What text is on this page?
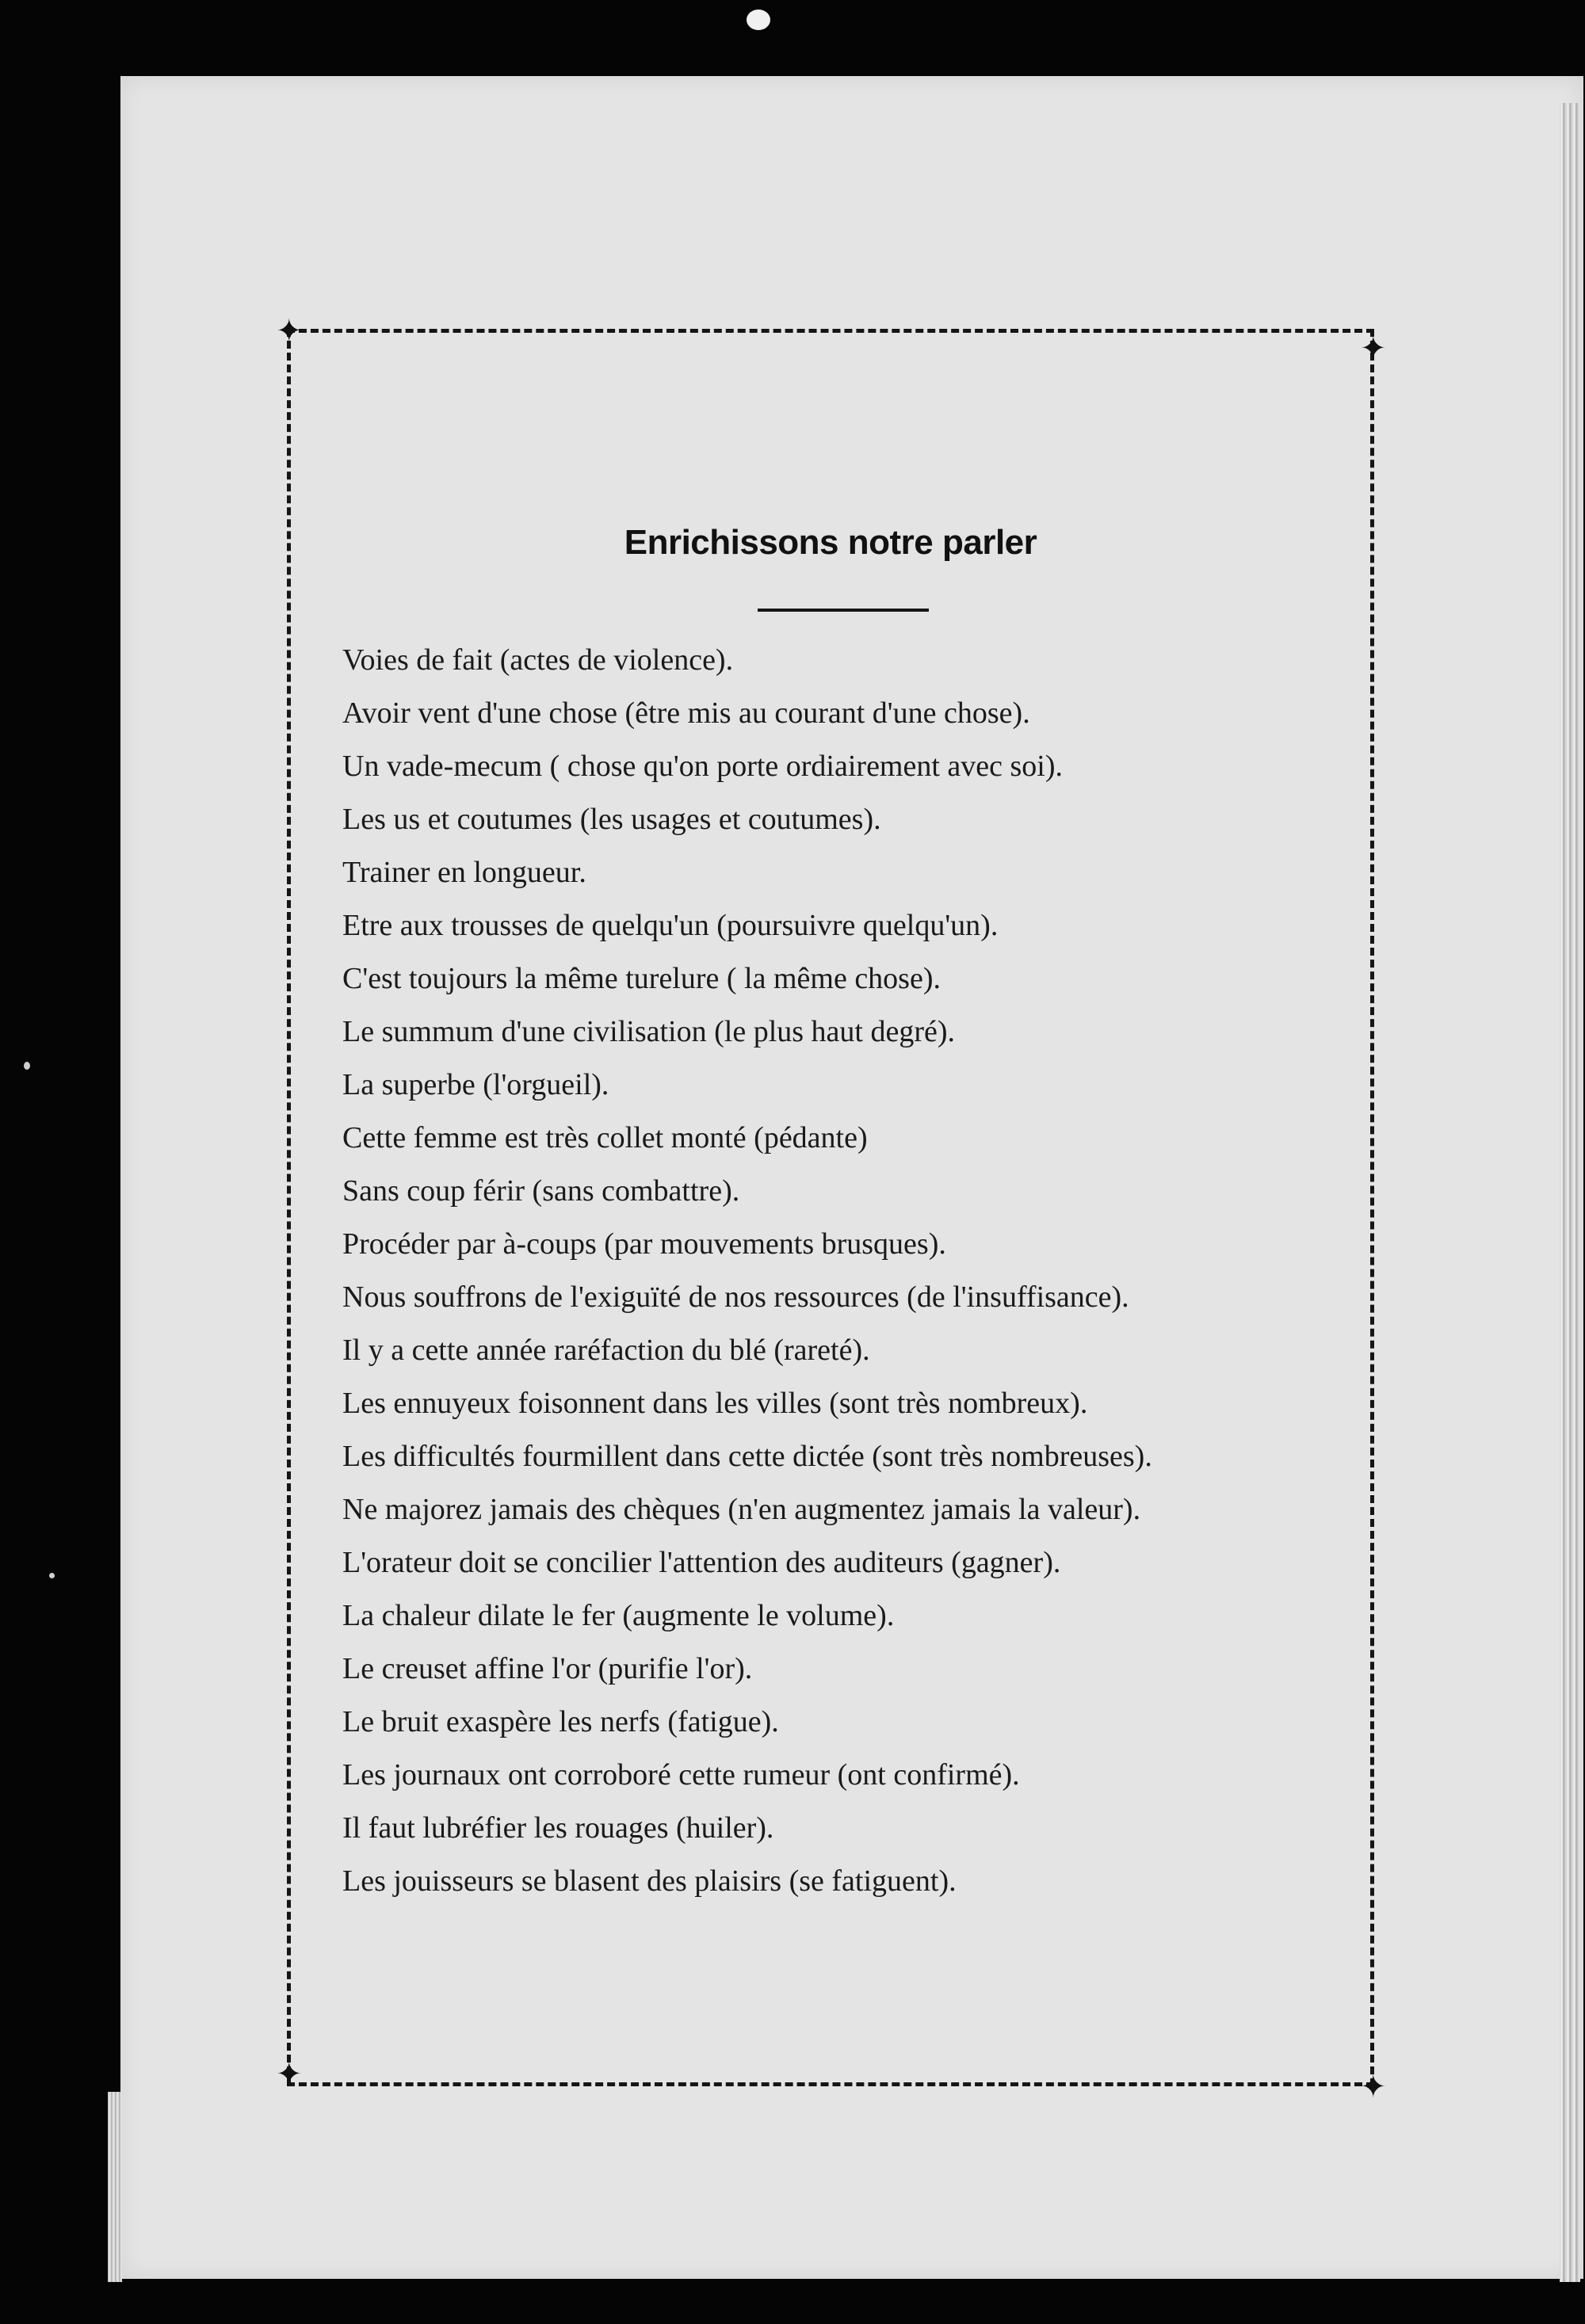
✦	✦
✦	✦
Enrichissons notre parler
Voies de fait (actes de violence).
Avoir vent d'une chose (être mis au courant d'une chose).
Un vade-mecum ( chose qu'on porte ordiairement avec soi).
Les us et coutumes (les usages et coutumes).
Trainer en longueur.
Etre aux trousses de quelqu'un (poursuivre quelqu'un).
C'est toujours la même turelure ( la même chose).
Le summum d'une civilisation (le plus haut degré).
La superbe (l'orgueil).
Cette femme est très collet monté (pédante)
Sans coup férir (sans combattre).
Procéder par à-coups (par mouvements brusques).
Nous souffrons de l'exiguïté de nos ressources (de l'insuffisance).
Il y a cette année raréfaction du blé (rareté).
Les ennuyeux foisonnent dans les villes (sont très nombreux).
Les difficultés fourmillent dans cette dictée (sont très nombreuses).
Ne majorez jamais des chèques (n'en augmentez jamais la valeur).
L'orateur doit se concilier l'attention des auditeurs (gagner).
La chaleur dilate le fer (augmente le volume).
Le creuset affine l'or (purifie l'or).
Le bruit exaspère les nerfs (fatigue).
Les journaux ont corroboré cette rumeur (ont confirmé).
Il faut lubréfier les rouages (huiler).
Les jouisseurs se blasent des plaisirs (se fatiguent).
